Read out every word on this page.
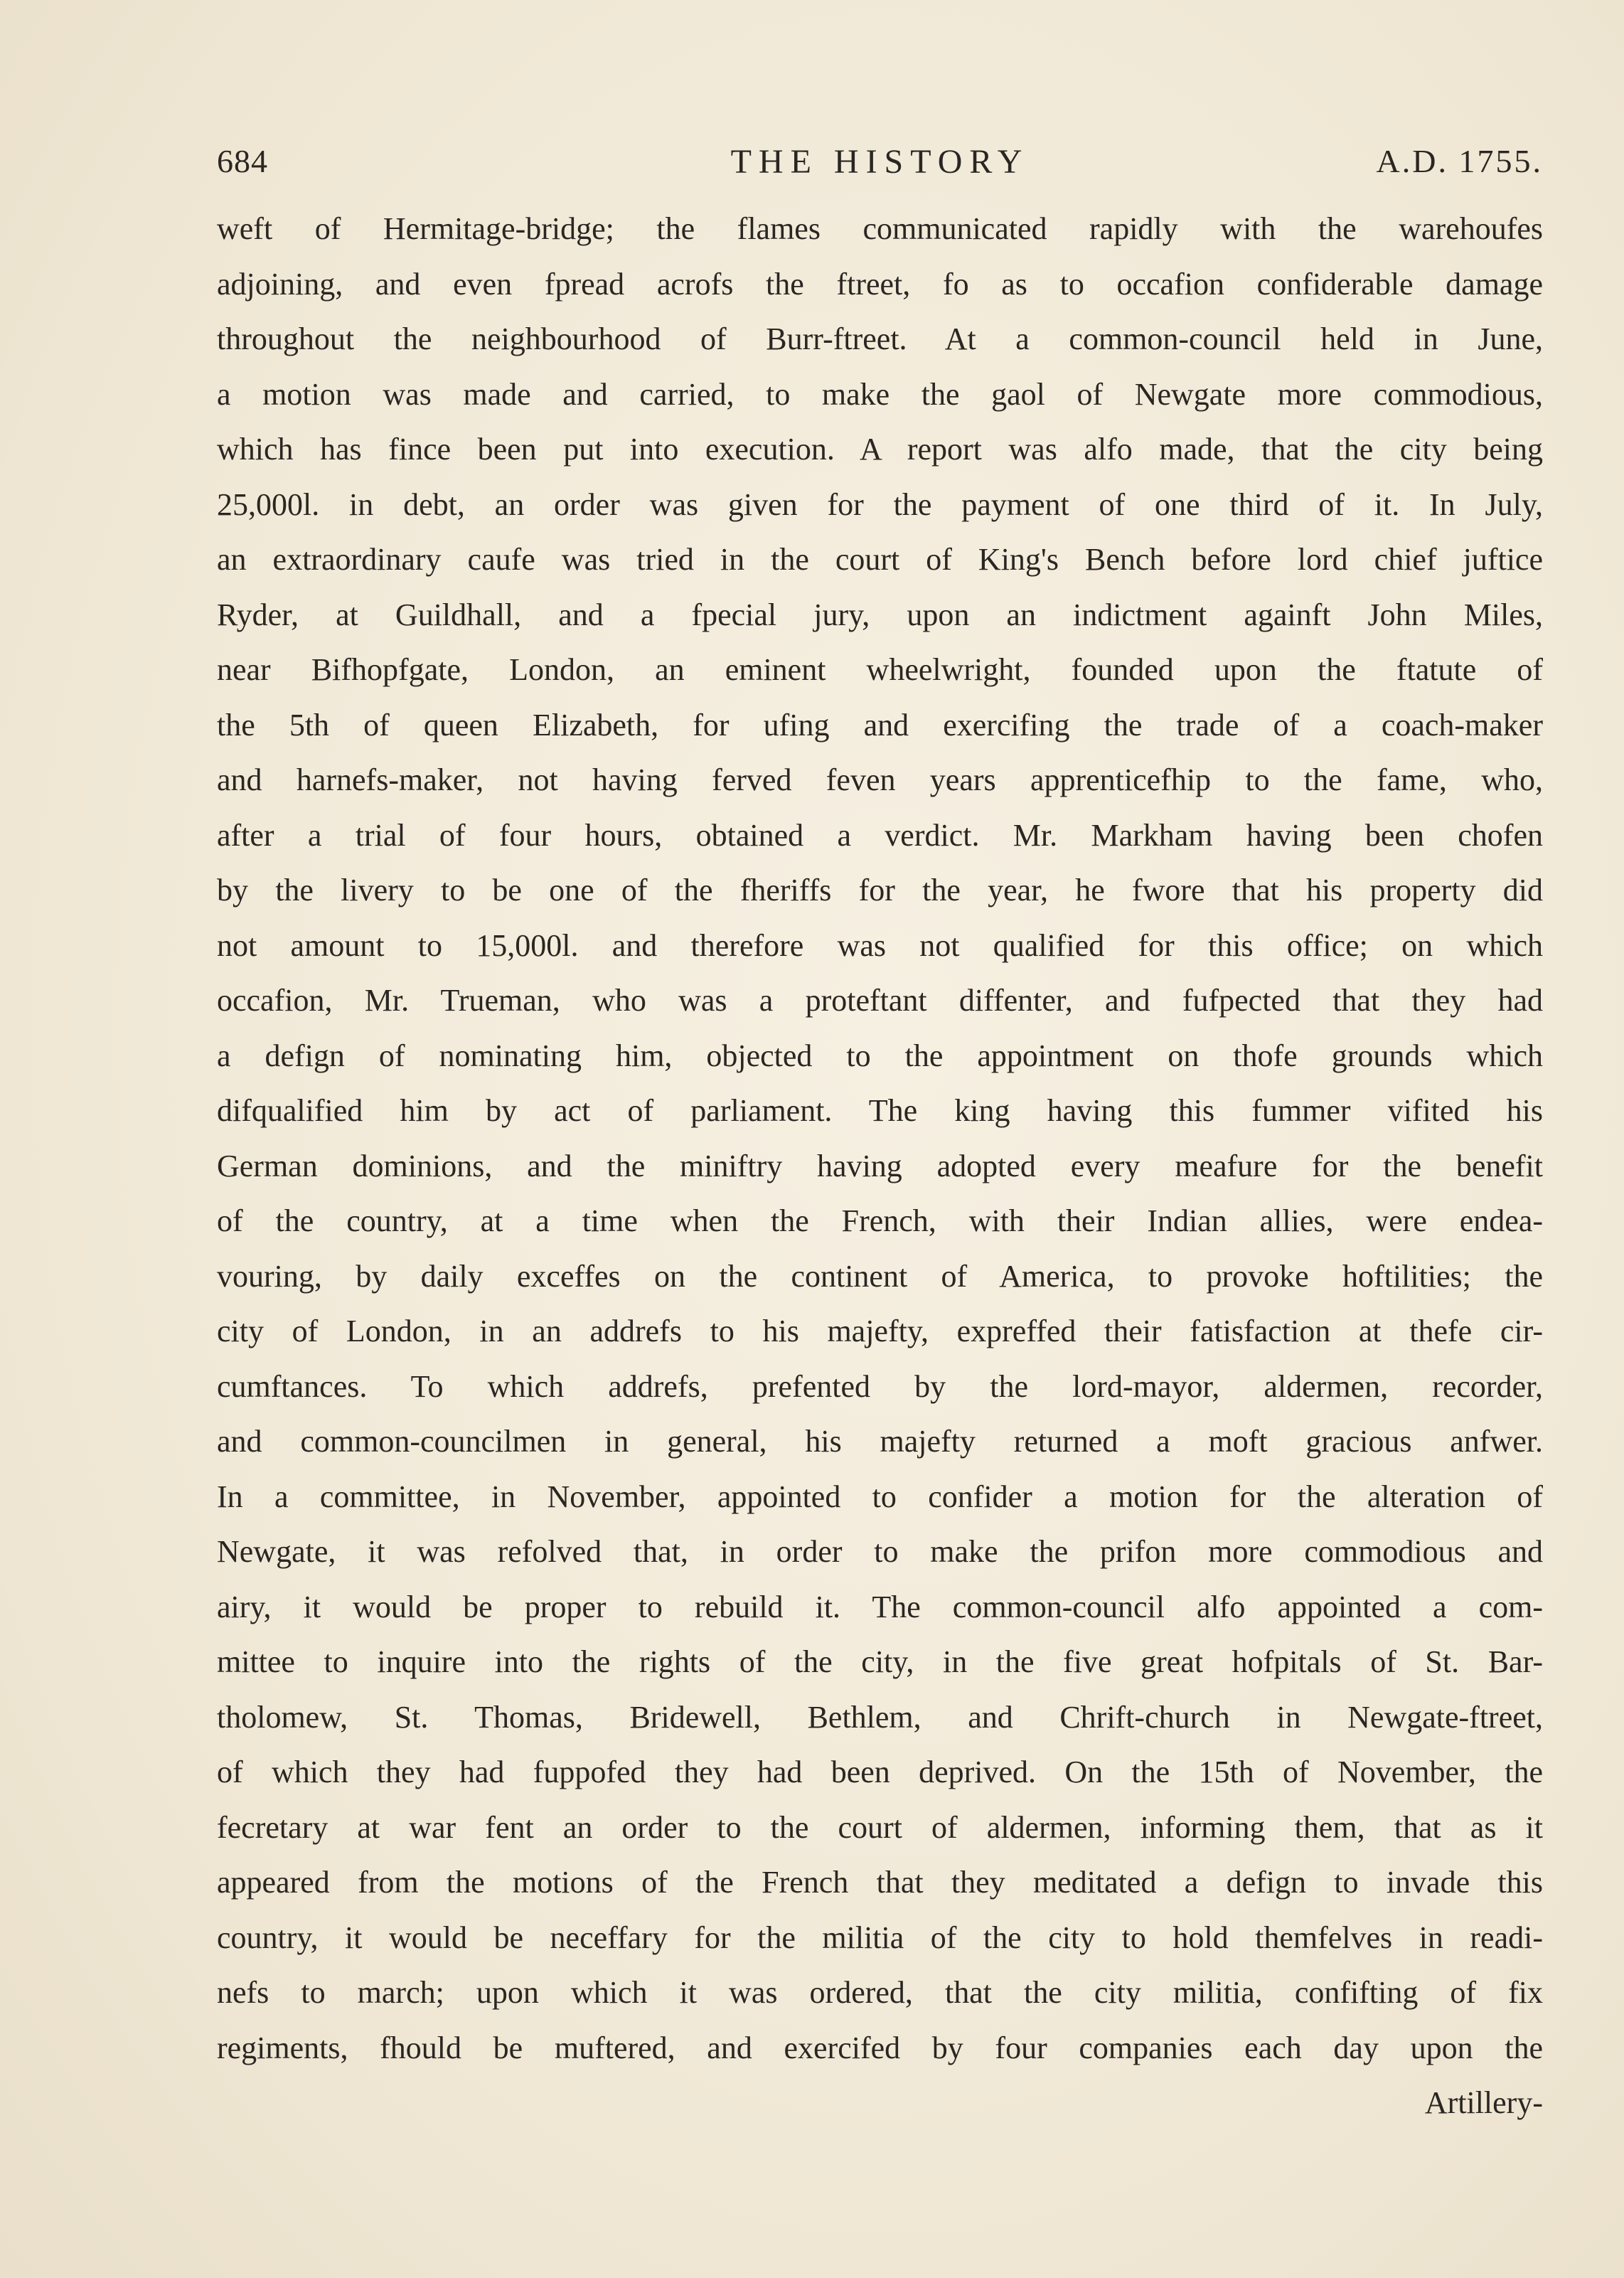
684	THE HISTORY	A.D. 1755.
weft of Hermitage-bridge; the flames communicated rapidly with the warehoufes
adjoining, and even fpread acrofs the ftreet, fo as to occafion confiderable damage
throughout the neighbourhood of Burr-ftreet. At a common-council held in June,
a motion was made and carried, to make the gaol of Newgate more commodious,
which has fince been put into execution. A report was alfo made, that the city being
25,000l. in debt, an order was given for the payment of one third of it. In July,
an extraordinary caufe was tried in the court of King's Bench before lord chief juftice
Ryder, at Guildhall, and a fpecial jury, upon an indictment againft John Miles,
near Bifhopfgate, London, an eminent wheelwright, founded upon the ftatute of
the 5th of queen Elizabeth, for ufing and exercifing the trade of a coach-maker
and harnefs-maker, not having ferved feven years apprenticefhip to the fame, who,
after a trial of four hours, obtained a verdict. Mr. Markham having been chofen
by the livery to be one of the fheriffs for the year, he fwore that his property did
not amount to 15,000l. and therefore was not qualified for this office; on which
occafion, Mr. Trueman, who was a proteftant diffenter, and fufpected that they had
a defign of nominating him, objected to the appointment on thofe grounds which
difqualified him by act of parliament. The king having this fummer vifited his
German dominions, and the miniftry having adopted every meafure for the benefit
of the country, at a time when the French, with their Indian allies, were endea-
vouring, by daily exceffes on the continent of America, to provoke hoftilities; the
city of London, in an addrefs to his majefty, expreffed their fatisfaction at thefe cir-
cumftances. To which addrefs, prefented by the lord-mayor, aldermen, recorder,
and common-councilmen in general, his majefty returned a moft gracious anfwer.
In a committee, in November, appointed to confider a motion for the alteration of
Newgate, it was refolved that, in order to make the prifon more commodious and
airy, it would be proper to rebuild it. The common-council alfo appointed a com-
mittee to inquire into the rights of the city, in the five great hofpitals of St. Bar-
tholomew, St. Thomas, Bridewell, Bethlem, and Chrift-church in Newgate-ftreet,
of which they had fuppofed they had been deprived. On the 15th of November, the
fecretary at war fent an order to the court of aldermen, informing them, that as it
appeared from the motions of the French that they meditated a defign to invade this
country, it would be neceffary for the militia of the city to hold themfelves in readi-
nefs to march; upon which it was ordered, that the city militia, confifting of fix
regiments, fhould be muftered, and exercifed by four companies each day upon the
Artillery-
